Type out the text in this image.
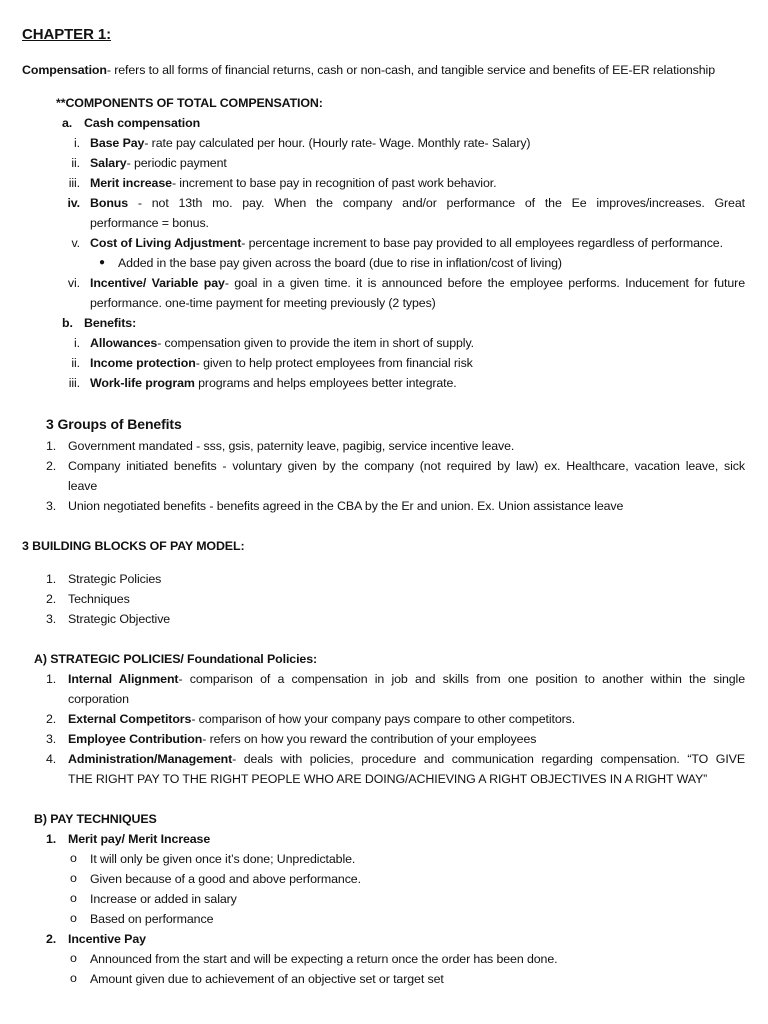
CHAPTER 1:
Compensation- refers to all forms of financial returns, cash or non-cash, and tangible service and benefits of EE-ER relationship
**COMPONENTS OF TOTAL COMPENSATION:
a. Cash compensation
i. Base Pay- rate pay calculated per hour. (Hourly rate- Wage. Monthly rate- Salary)
ii. Salary- periodic payment
iii. Merit increase- increment to base pay in recognition of past work behavior.
iv. Bonus - not 13th mo. pay. When the company and/or performance of the Ee improves/increases. Great
performance = bonus.
v. Cost of Living Adjustment- percentage increment to base pay provided to all employees regardless of performance.
● Added in the base pay given across the board (due to rise in inflation/cost of living)
vi. Incentive/ Variable pay- goal in a given time. it is announced before the employee performs. Inducement for future
performance. one-time payment for meeting previously (2 types)
b. Benefits:
i. Allowances- compensation given to provide the item in short of supply.
ii. Income protection- given to help protect employees from financial risk
iii. Work-life program programs and helps employees better integrate.
3 Groups of Benefits
1. Government mandated - sss, gsis, paternity leave, pagibig, service incentive leave.
2. Company initiated benefits - voluntary given by the company (not required by law) ex. Healthcare, vacation leave, sick
leave
3. Union negotiated benefits - benefits agreed in the CBA by the Er and union. Ex. Union assistance leave
3 BUILDING BLOCKS OF PAY MODEL:
1. Strategic Policies
2. Techniques
3. Strategic Objective
A) STRATEGIC POLICIES/ Foundational Policies:
1. Internal Alignment- comparison of a compensation in job and skills from one position to another within the single
corporation
2. External Competitors- comparison of how your company pays compare to other competitors.
3. Employee Contribution- refers on how you reward the contribution of your employees
4. Administration/Management- deals with policies, procedure and communication regarding compensation. “TO GIVE
THE RIGHT PAY TO THE RIGHT PEOPLE WHO ARE DOING/ACHIEVING A RIGHT OBJECTIVES IN A RIGHT WAY”
B) PAY TECHNIQUES
1. Merit pay/ Merit Increase
o It will only be given once it’s done; Unpredictable.
o Given because of a good and above performance.
o Increase or added in salary
o Based on performance
2. Incentive Pay
o Announced from the start and will be expecting a return once the order has been done.
o Amount given due to achievement of an objective set or target set
